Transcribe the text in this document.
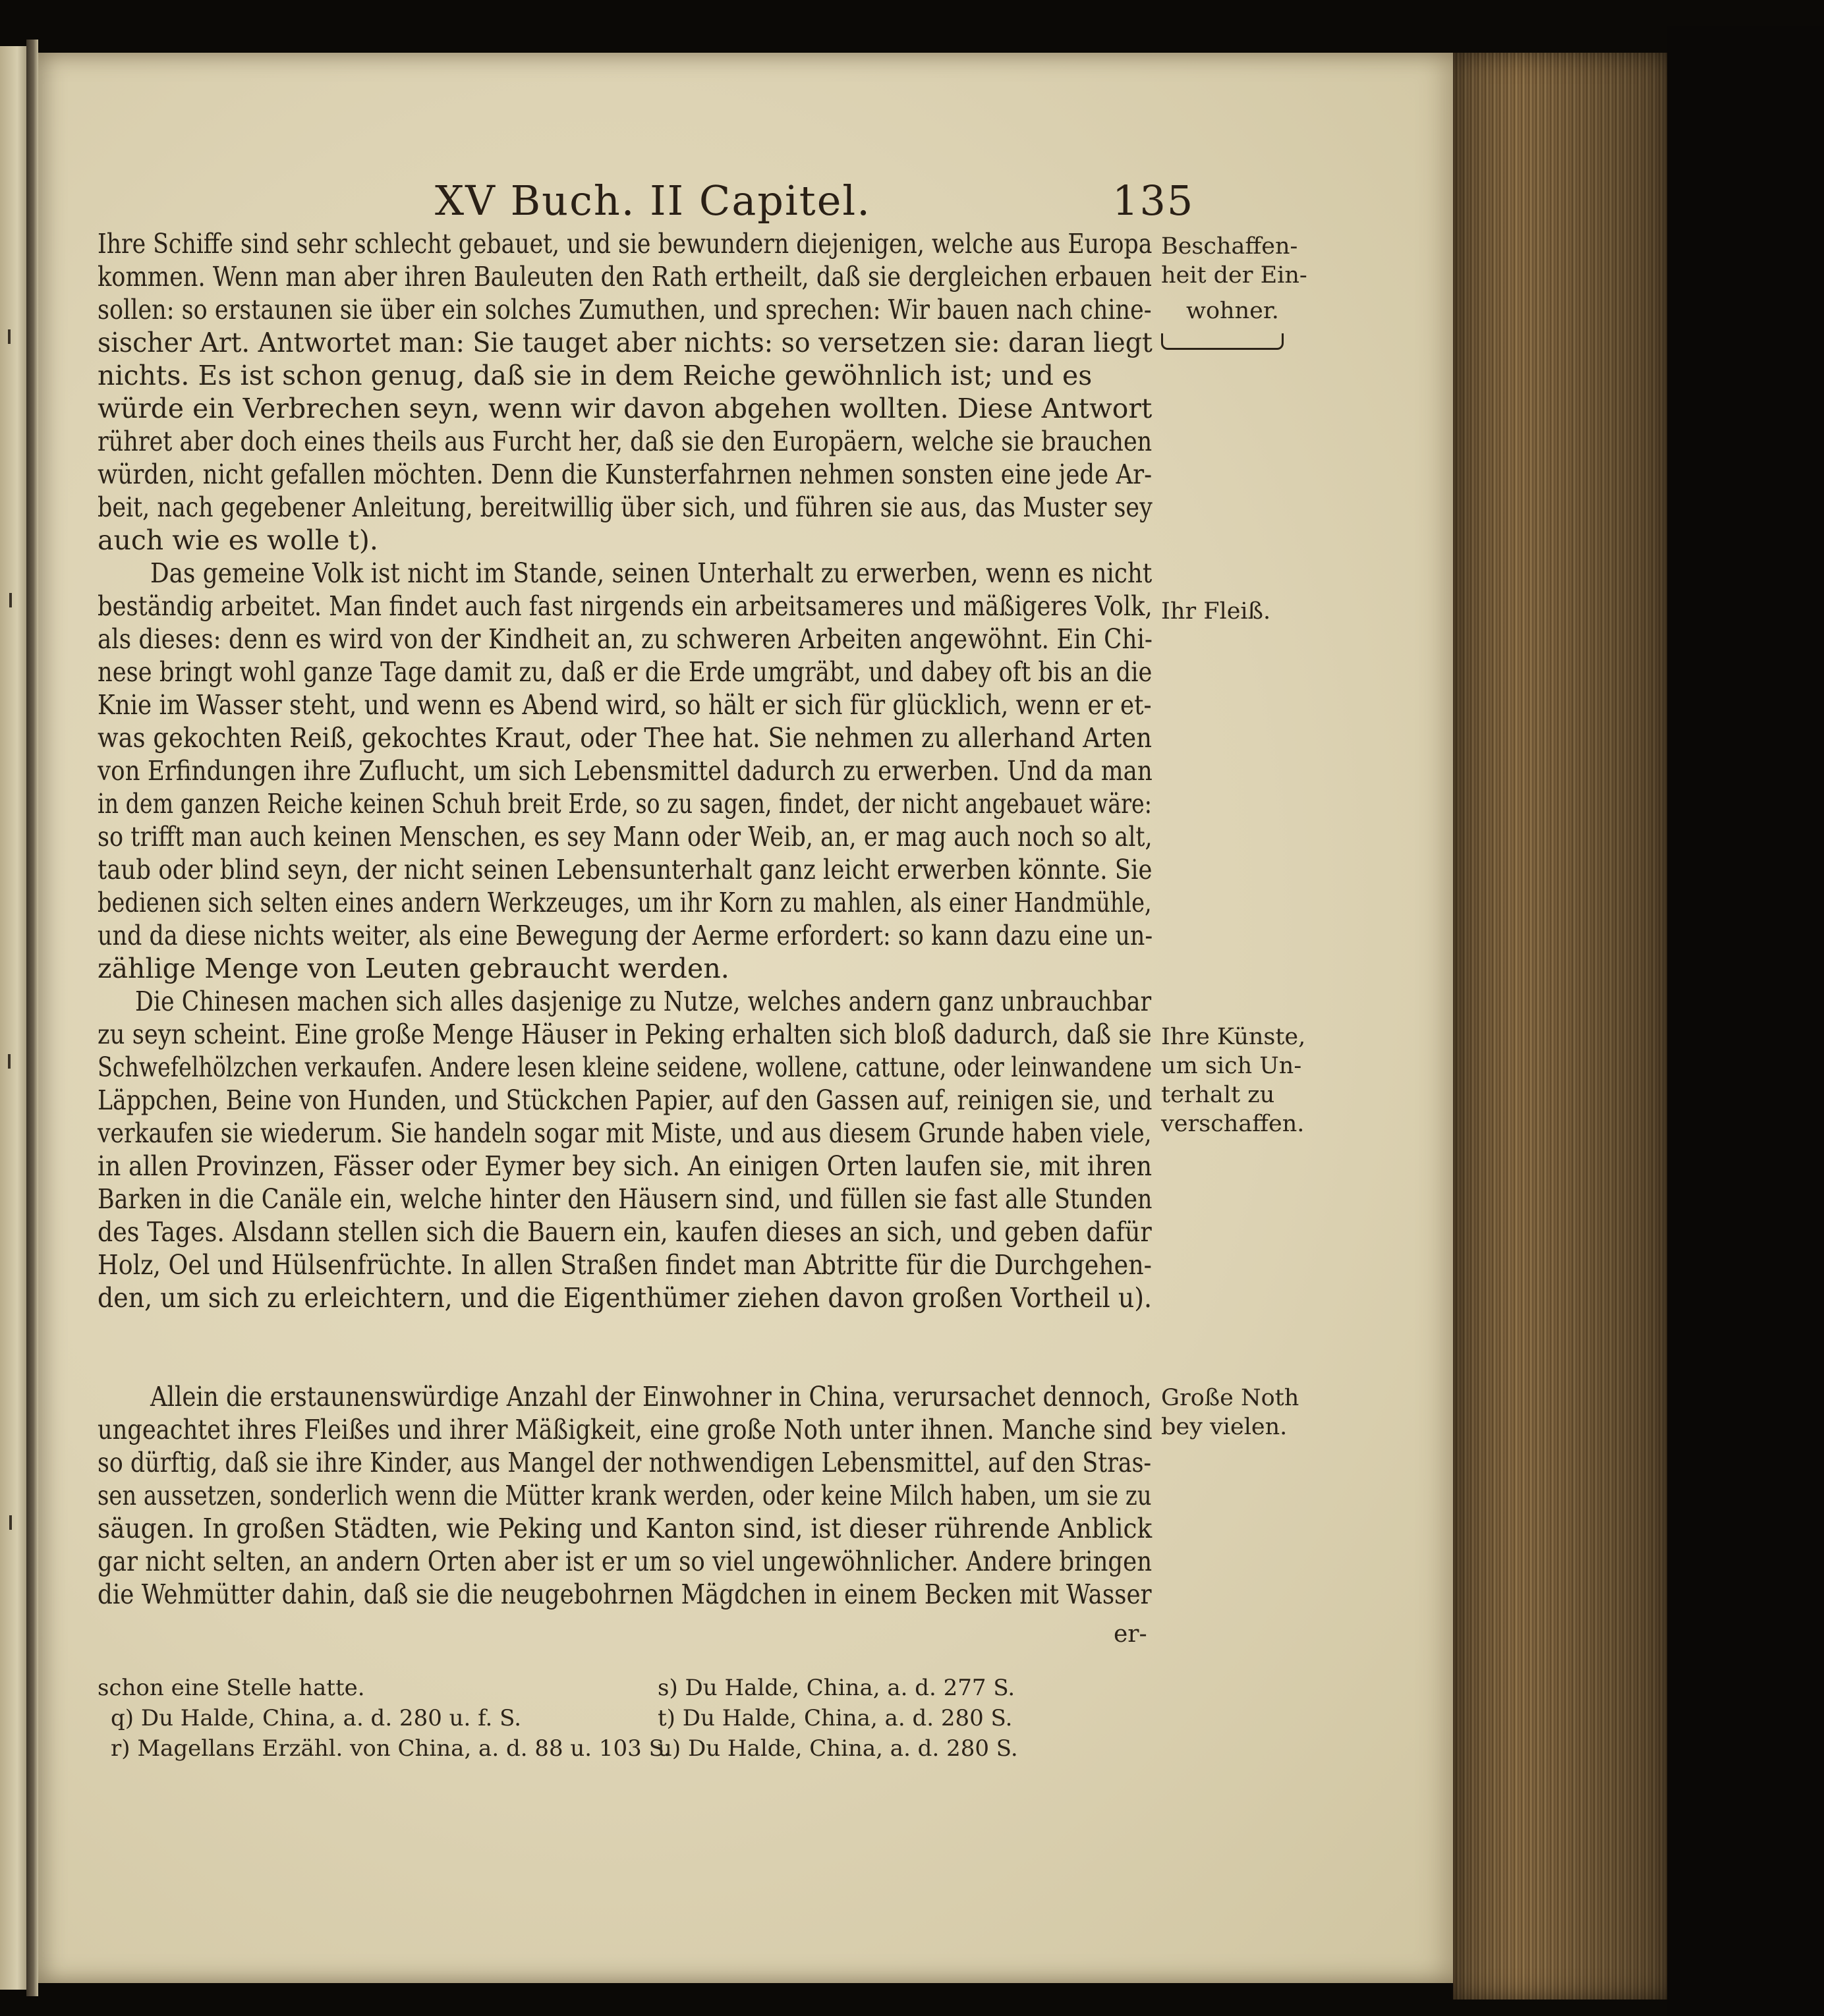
XV Buch. II Capitel.	135
Ihre Schiffe sind sehr schlecht gebauet, und sie bewundern diejenigen, welche aus Europa
kommen. Wenn man aber ihren Bauleuten den Rath ertheilt, daß sie dergleichen erbauen
sollen: so erstaunen sie über ein solches Zumuthen, und sprechen: Wir bauen nach chine-
sischer Art. Antwortet man: Sie tauget aber nichts: so versetzen sie: daran liegt
nichts. Es ist schon genug, daß sie in dem Reiche gewöhnlich ist; und es
würde ein Verbrechen seyn, wenn wir davon abgehen wollten. Diese Antwort
rühret aber doch eines theils aus Furcht her, daß sie den Europäern, welche sie brauchen
würden, nicht gefallen möchten. Denn die Kunsterfahrnen nehmen sonsten eine jede Ar-
beit, nach gegebener Anleitung, bereitwillig über sich, und führen sie aus, das Muster sey
auch wie es wolle t).
Das gemeine Volk ist nicht im Stande, seinen Unterhalt zu erwerben, wenn es nicht
beständig arbeitet. Man findet auch fast nirgends ein arbeitsameres und mäßigeres Volk,
als dieses: denn es wird von der Kindheit an, zu schweren Arbeiten angewöhnt. Ein Chi-
nese bringt wohl ganze Tage damit zu, daß er die Erde umgräbt, und dabey oft bis an die
Knie im Wasser steht, und wenn es Abend wird, so hält er sich für glücklich, wenn er et-
was gekochten Reiß, gekochtes Kraut, oder Thee hat. Sie nehmen zu allerhand Arten
von Erfindungen ihre Zuflucht, um sich Lebensmittel dadurch zu erwerben. Und da man
in dem ganzen Reiche keinen Schuh breit Erde, so zu sagen, findet, der nicht angebauet wäre:
so trifft man auch keinen Menschen, es sey Mann oder Weib, an, er mag auch noch so alt,
taub oder blind seyn, der nicht seinen Lebensunterhalt ganz leicht erwerben könnte. Sie
bedienen sich selten eines andern Werkzeuges, um ihr Korn zu mahlen, als einer Handmühle,
und da diese nichts weiter, als eine Bewegung der Aerme erfordert: so kann dazu eine un-
zählige Menge von Leuten gebraucht werden.
Die Chinesen machen sich alles dasjenige zu Nutze, welches andern ganz unbrauchbar
zu seyn scheint. Eine große Menge Häuser in Peking erhalten sich bloß dadurch, daß sie
Schwefelhölzchen verkaufen. Andere lesen kleine seidene, wollene, cattune, oder leinwandene
Läppchen, Beine von Hunden, und Stückchen Papier, auf den Gassen auf, reinigen sie, und
verkaufen sie wiederum. Sie handeln sogar mit Miste, und aus diesem Grunde haben viele,
in allen Provinzen, Fässer oder Eymer bey sich. An einigen Orten laufen sie, mit ihren
Barken in die Canäle ein, welche hinter den Häusern sind, und füllen sie fast alle Stunden
des Tages. Alsdann stellen sich die Bauern ein, kaufen dieses an sich, und geben dafür
Holz, Oel und Hülsenfrüchte. In allen Straßen findet man Abtritte für die Durchgehen-
den, um sich zu erleichtern, und die Eigenthümer ziehen davon großen Vortheil u).
Allein die erstaunenswürdige Anzahl der Einwohner in China, verursachet dennoch,
ungeachtet ihres Fleißes und ihrer Mäßigkeit, eine große Noth unter ihnen. Manche sind
so dürftig, daß sie ihre Kinder, aus Mangel der nothwendigen Lebensmittel, auf den Stras-
sen aussetzen, sonderlich wenn die Mütter krank werden, oder keine Milch haben, um sie zu
säugen. In großen Städten, wie Peking und Kanton sind, ist dieser rührende Anblick
gar nicht selten, an andern Orten aber ist er um so viel ungewöhnlicher. Andere bringen
die Wehmütter dahin, daß sie die neugebohrnen Mägdchen in einem Becken mit Wasser
er-
Beschaffen-
heit der Ein-
wohner.
Ihr Fleiß.
Ihre Künste,
um sich Un-
terhalt zu
verschaffen.
Große Noth
bey vielen.
schon eine Stelle hatte.
q) Du Halde, China, a. d. 280 u. f. S.
r) Magellans Erzähl. von China, a. d. 88 u. 103 S.
s) Du Halde, China, a. d. 277 S.
t) Du Halde, China, a. d. 280 S.
u) Du Halde, China, a. d. 280 S.
